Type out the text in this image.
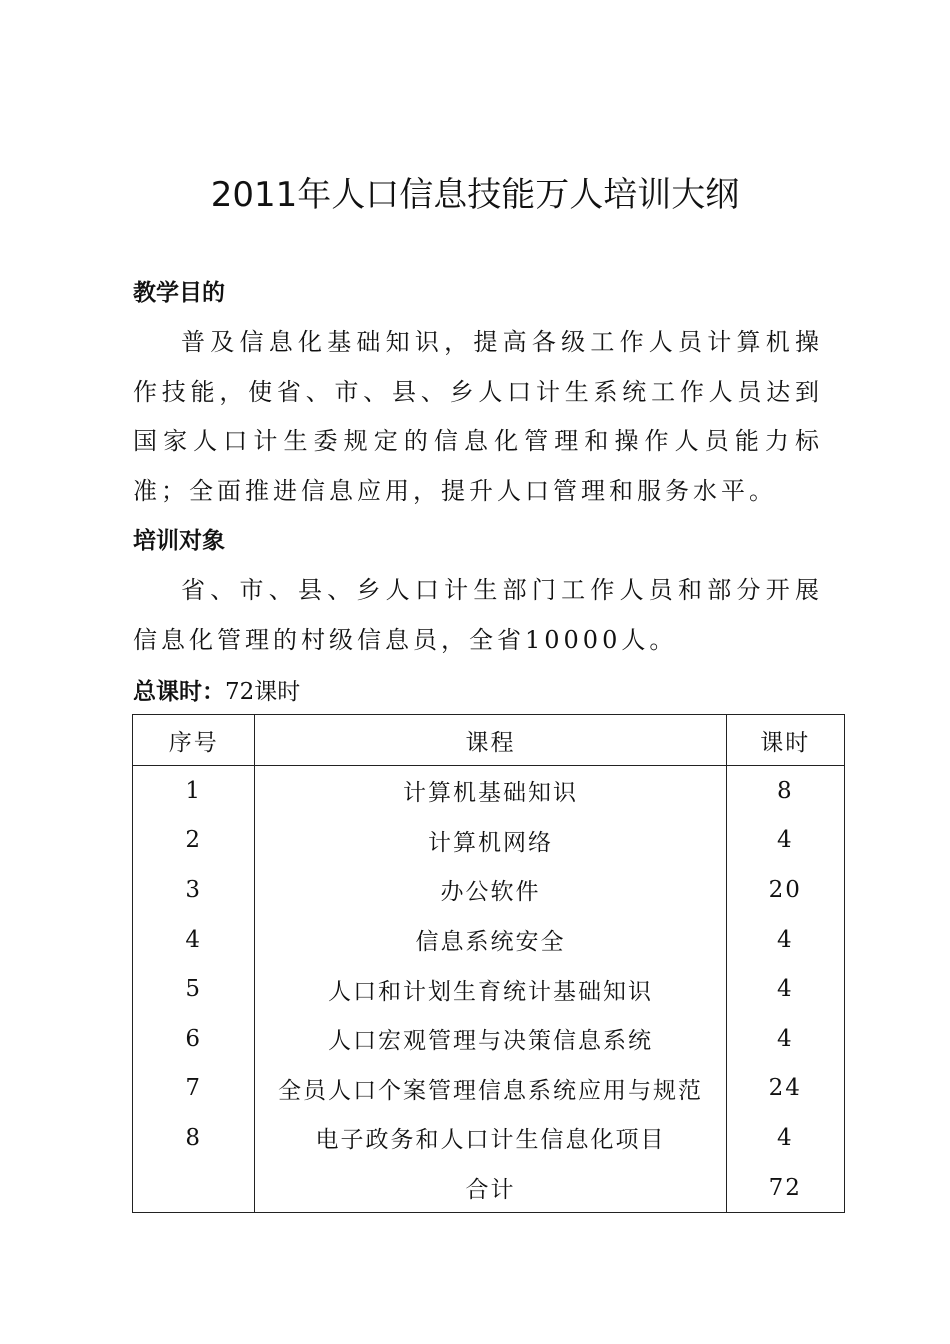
2011年人口信息技能万人培训大纲
教学目的
普及信息化基础知识，提高各级工作人员计算机操作技能，使省、市、县、乡人口计生系统工作人员达到国家人口计生委规定的信息化管理和操作人员能力标准；全面推进信息应用，提升人口管理和服务水平。
培训对象
省、市、县、乡人口计生部门工作人员和部分开展信息化管理的村级信息员，全省10000人。
总课时：72课时
序号	课程	课时
1	计算机基础知识	8
2	计算机网络	4
3	办公软件	20
4	信息系统安全	4
5	人口和计划生育统计基础知识	4
6	人口宏观管理与决策信息系统	4
7	全员人口个案管理信息系统应用与规范	24
8	电子政务和人口计生信息化项目	4
	合计	72
